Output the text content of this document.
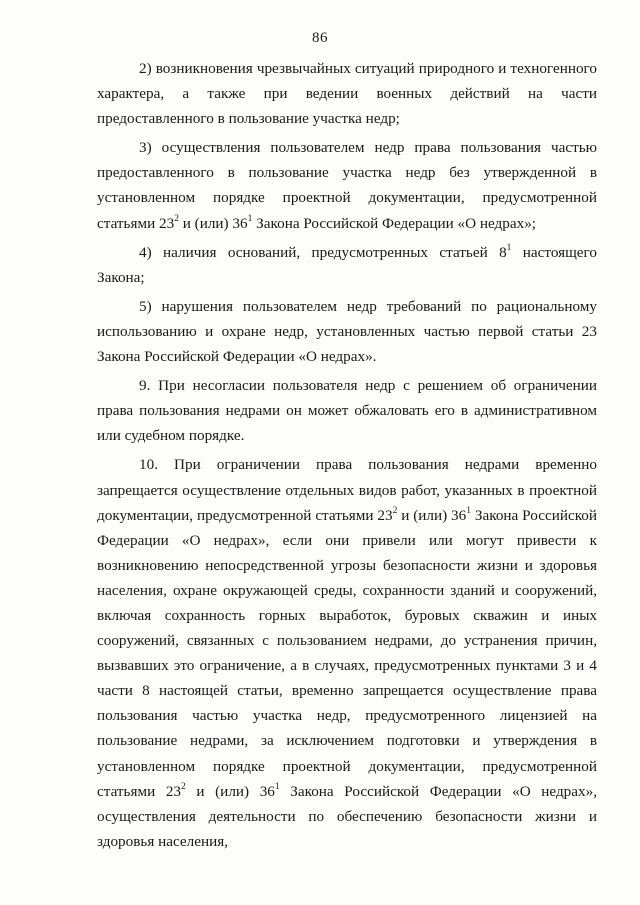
86

2) возникновения чрезвычайных ситуаций природного и техногенного характера, а также при ведении военных действий на части предоставленного в пользование участка недр;

3) осуществления пользователем недр права пользования частью предоставленного в пользование участка недр без утвержденной в установленном порядке проектной документации, предусмотренной статьями $23^2$ и (или) $36^1$ Закона Российской Федерации «О недрах»;

4) наличия оснований, предусмотренных статьей $8^1$ настоящего Закона;

5) нарушения пользователем недр требований по рациональному использованию и охране недр, установленных частью первой статьи 23 Закона Российской Федерации «О недрах».

9. При несогласии пользователя недр с решением об ограничении права пользования недрами он может обжаловать его в административном или судебном порядке.

10. При ограничении права пользования недрами временно запрещается осуществление отдельных видов работ, указанных в проектной документации, предусмотренной статьями $23^2$ и (или) $36^1$ Закона Российской Федерации «О недрах», если они привели или могут привести к возникновению непосредственной угрозы безопасности жизни и здоровья населения, охране окружающей среды, сохранности зданий и сооружений, включая сохранность горных выработок, буровых скважин и иных сооружений, связанных с пользованием недрами, до устранения причин, вызвавших это ограничение, а в случаях, предусмотренных пунктами 3 и 4 части 8 настоящей статьи, временно запрещается осуществление права пользования частью участка недр, предусмотренного лицензией на пользование недрами, за исключением подготовки и утверждения в установленном порядке проектной документации, предусмотренной статьями $23^2$ и (или) $36^1$ Закона Российской Федерации «О недрах», осуществления деятельности по обеспечению безопасности жизни и здоровья населения,
